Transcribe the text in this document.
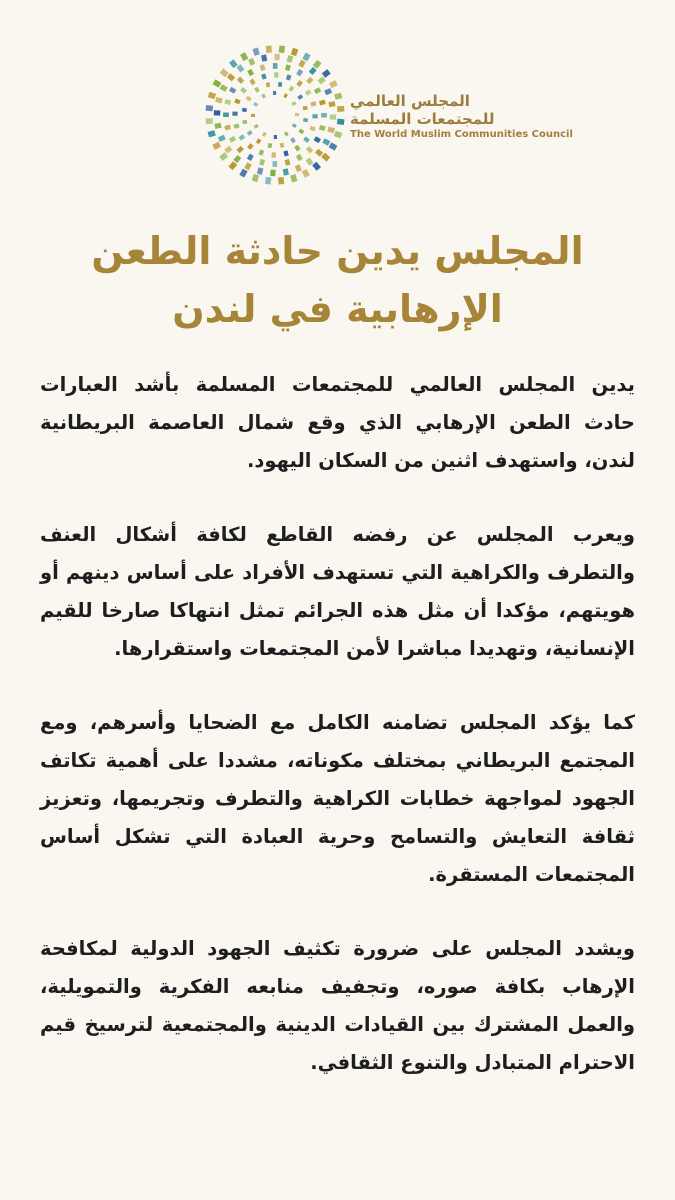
المجلس العالمي للمجتمعات المسلمة
The World Muslim Communities Council
المجلس يدين حادثة الطعن الإرهابية في لندن

يدين المجلس العالمي للمجتمعات المسلمة بأشد العبارات حادث الطعن الإرهابي الذي وقع شمال العاصمة البريطانية لندن، واستهدف اثنين من السكان اليهود.

ويعرب المجلس عن رفضه القاطع لكافة أشكال العنف والتطرف والكراهية التي تستهدف الأفراد على أساس دينهم أو هويتهم، مؤكدا أن مثل هذه الجرائم تمثل انتهاكا صارخا للقيم الإنسانية، وتهديدا مباشرا لأمن المجتمعات واستقرارها.

كما يؤكد المجلس تضامنه الكامل مع الضحايا وأسرهم، ومع المجتمع البريطاني بمختلف مكوناته، مشددا على أهمية تكاتف الجهود لمواجهة خطابات الكراهية والتطرف وتجريمها، وتعزيز ثقافة التعايش والتسامح وحرية العبادة التي تشكل أساس المجتمعات المستقرة.

ويشدد المجلس على ضرورة تكثيف الجهود الدولية لمكافحة الإرهاب بكافة صوره، وتجفيف منابعه الفكرية والتمويلية، والعمل المشترك بين القيادات الدينية والمجتمعية لترسيخ قيم الاحترام المتبادل والتنوع الثقافي.
